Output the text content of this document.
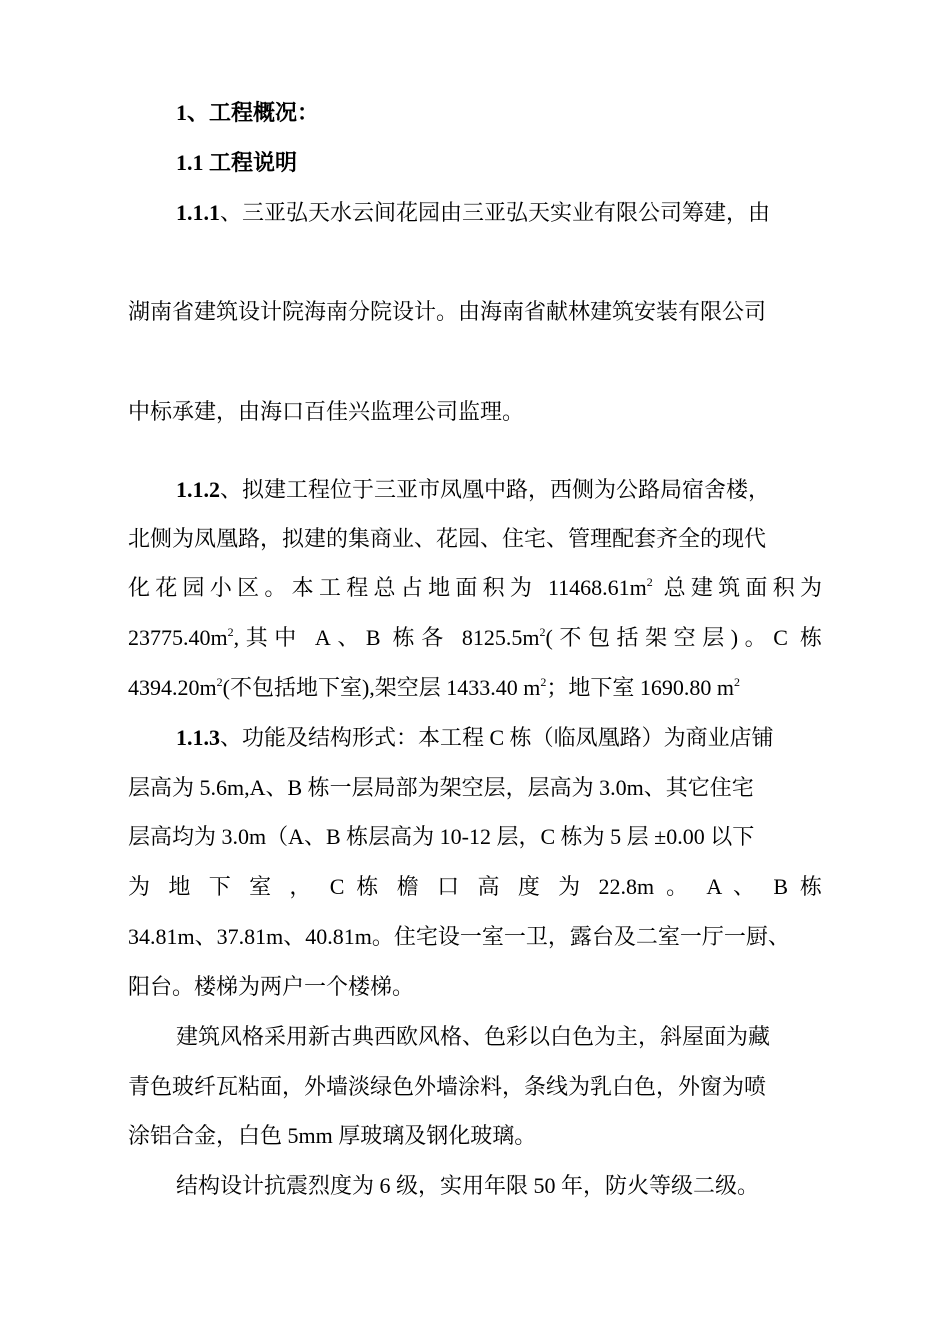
1、工程概况：
1.1 工程说明
1.1.1、三亚弘天水云间花园由三亚弘天实业有限公司筹建，由
湖南省建筑设计院海南分院设计。由海南省献林建筑安装有限公司
中标承建，由海口百佳兴监理公司监理。
1.1.2、拟建工程位于三亚市凤凰中路，西侧为公路局宿舍楼，
北侧为凤凰路，拟建的集商业、花园、住宅、管理配套齐全的现代
化花园小区。本工程总占地面积为 $11468.61m^2$ 总建筑面积为
$23775.40m^2$,其中 A、B 栋各 $8125.5m^2$(不包括架空层)。C 栋
$4394.20m^2$(不包括地下室),架空层 1433.40 $m^2$；地下室 1690.80 $m^2$
1.1.3、功能及结构形式：本工程 C 栋（临凤凰路）为商业店铺
层高为 5.6m,A、B 栋一层局部为架空层，层高为 3.0m、其它住宅
层高均为 3.0m（A、B 栋层高为 10-12 层，C 栋为 5 层 ±0.00 以下
为 地 下 室 ， C 栋 檐 口 高 度 为 22.8m 。 A 、 B 栋
34.81m、37.81m、40.81m。住宅设一室一卫，露台及二室一厅一厨、
阳台。楼梯为两户一个楼梯。
建筑风格采用新古典西欧风格、色彩以白色为主，斜屋面为藏
青色玻纤瓦粘面，外墙淡绿色外墙涂料，条线为乳白色，外窗为喷
涂铝合金，白色 5mm 厚玻璃及钢化玻璃。
结构设计抗震烈度为 6 级，实用年限 50 年，防火等级二级。
